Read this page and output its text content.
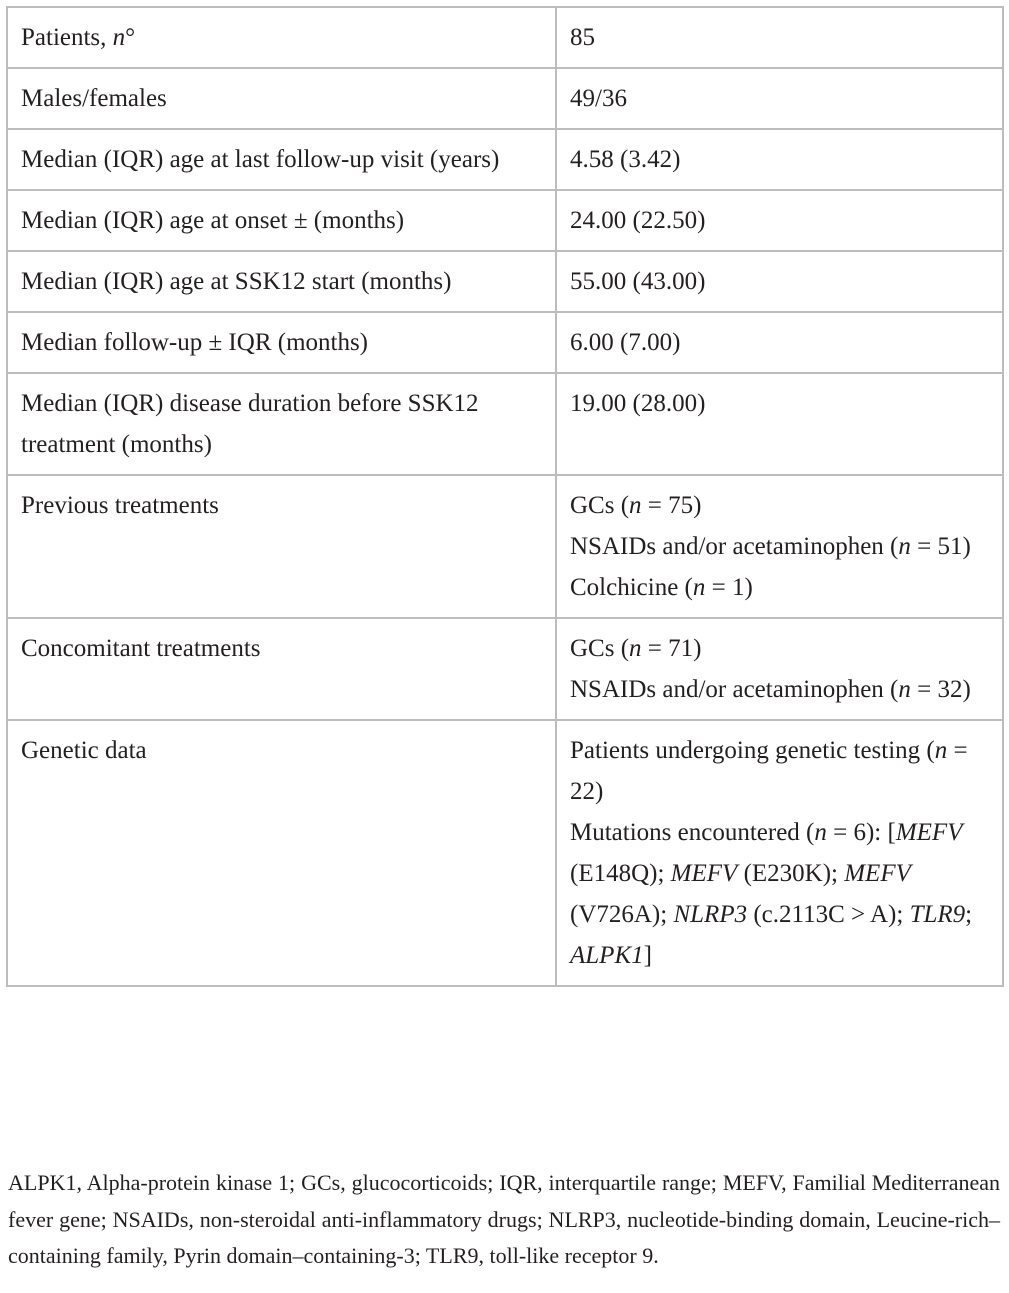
Patients, n°	85
Males/females	49/36
Median (IQR) age at last follow-up visit (years)	4.58 (3.42)
Median (IQR) age at onset ± (months)	24.00 (22.50)
Median (IQR) age at SSK12 start (months)	55.00 (43.00)
Median follow-up ± IQR (months)	6.00 (7.00)
Median (IQR) disease duration before SSK12 treatment (months)	19.00 (28.00)
Previous treatments	GCs (n = 75)
NSAIDs and/or acetaminophen (n = 51)
Colchicine (n = 1)

Concomitant treatments	GCs (n = 71)
NSAIDs and/or acetaminophen (n = 32)

Genetic data	Patients undergoing genetic testing (n = 22)
Mutations encountered (n = 6): [MEFV (E148Q); MEFV (E230K); MEFV (V726A); NLRP3 (c.2113C > A); TLR9; ALPK1]

ALPK1, Alpha-protein kinase 1; GCs, glucocorticoids; IQR, interquartile range; MEFV, Familial Mediterranean fever gene; NSAIDs, non-steroidal anti-inflammatory drugs; NLRP3, nucleotide-binding domain, Leucine-rich–containing family, Pyrin domain–containing-3; TLR9, toll-like receptor 9.
